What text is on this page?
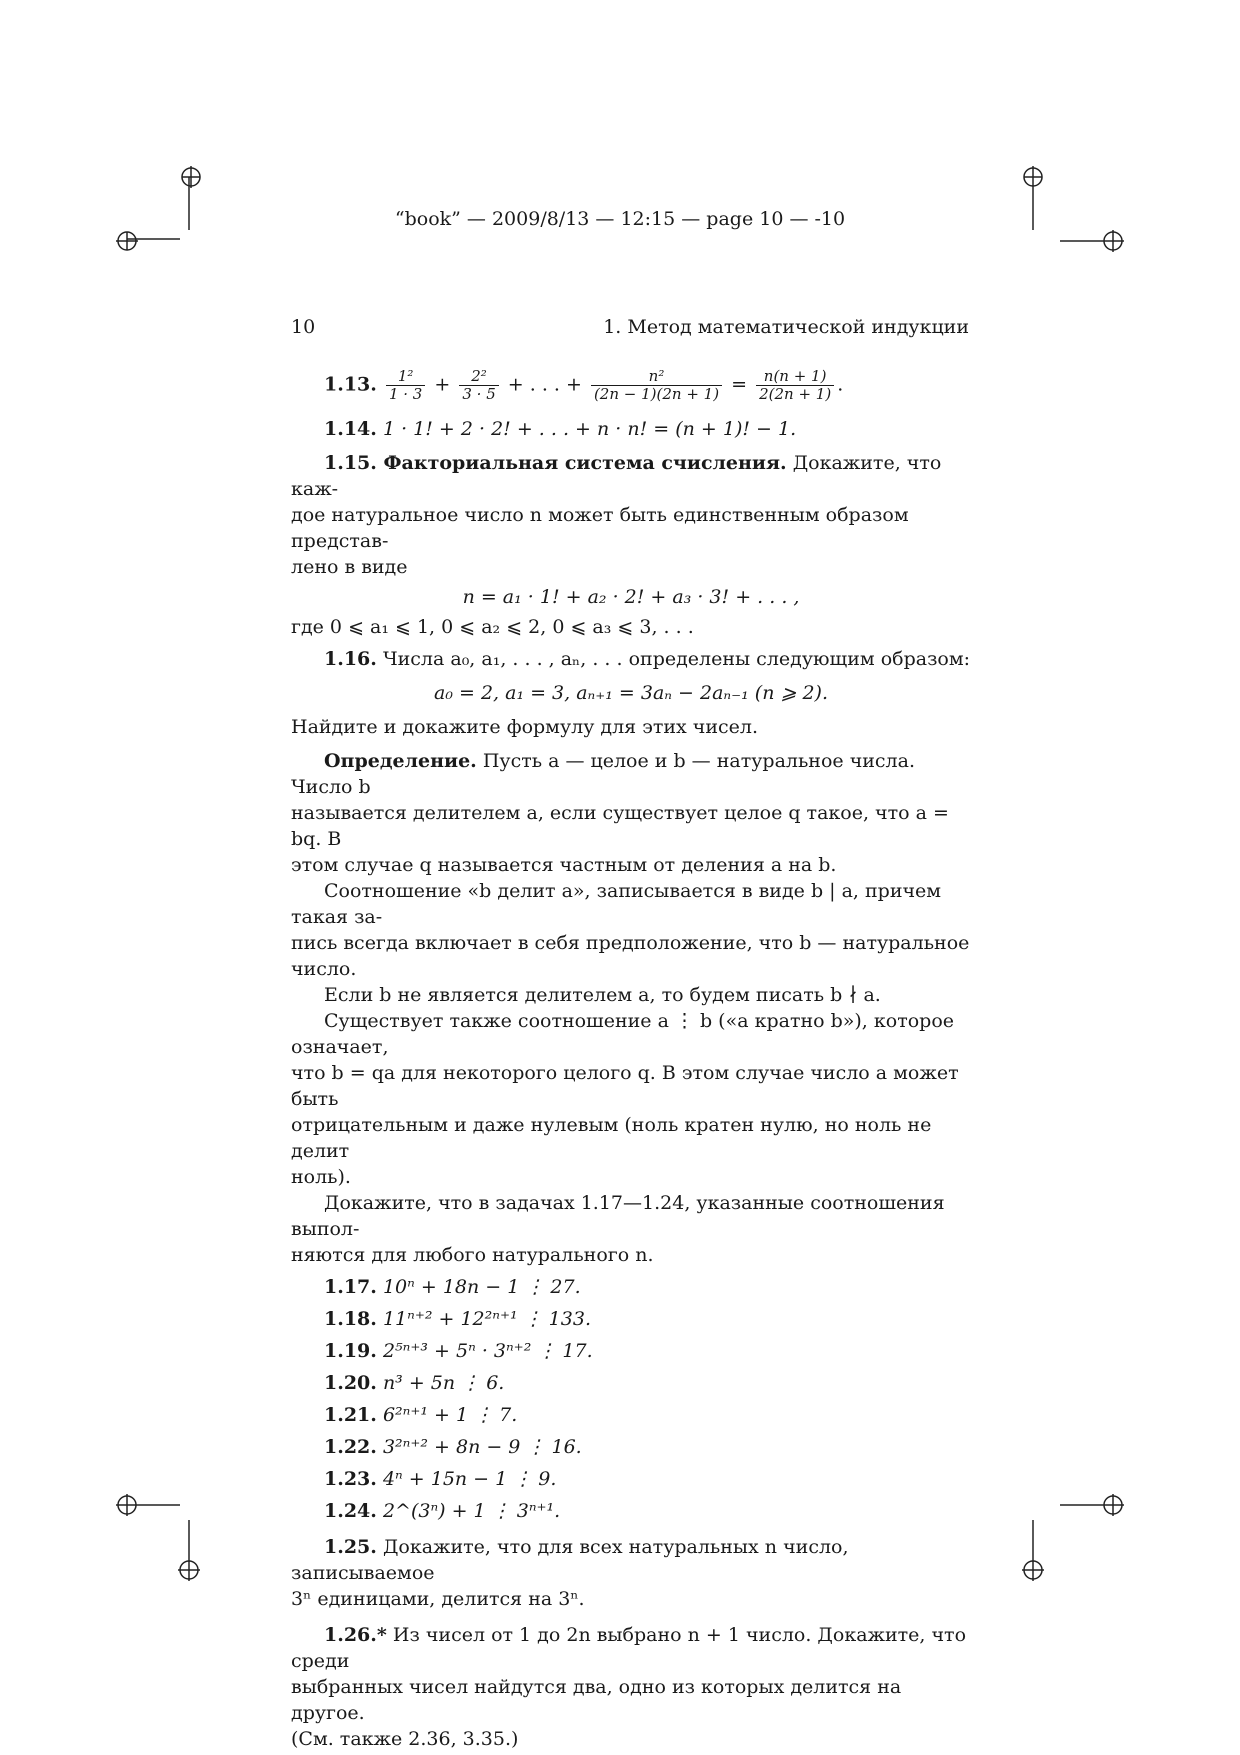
“book” — 2009/8/13 — 12:15 — page 10 — -10
10	1. Метод математической индукции
1.13. $\frac{\text{1²}}{1 \cdot 3} + \frac{\text{2²}}{3 \cdot 5}$ + . . . + $\frac{\text{n²}}{(2n - 1)(2n + 1)} = \frac{n(n + 1)}{2(2n + 1)}$ .
1.14. 1 · 1! + 2 · 2! + . . . + n · n! = (n + 1)! − 1.
1.15. Факториальная система счисления. Докажите, что каж-
дое натуральное число n может быть единственным образом представ-
лено в виде
n = a₁ · 1! + a₂ · 2! + a₃ · 3! + . . . ,
где 0 ⩽ a₁ ⩽ 1, 0 ⩽ a₂ ⩽ 2, 0 ⩽ a₃ ⩽ 3, . . .
1.16. Числа a₀, a₁, . . . , aₙ, . . . определены следующим образом:
a₀ = 2, a₁ = 3, aₙ₊₁ = 3aₙ − 2aₙ₋₁ (n ⩾ 2).
Найдите и докажите формулу для этих чисел.
Определение. Пусть a — целое и b — натуральное числа. Число b
называется делителем a, если существует целое q такое, что a = bq. В
этом случае q называется частным от деления a на b.
Соотношение «b делит a», записывается в виде b | a, причем такая за-
пись всегда включает в себя предположение, что b — натуральное число.
Если b не является делителем a, то будем писать b ∤ a.
Существует также соотношение a ⋮ b («a кратно b»), которое означает,
что b = qa для некоторого целого q. В этом случае число a может быть
отрицательным и даже нулевым (ноль кратен нулю, но ноль не делит
ноль).
Докажите, что в задачах 1.17—1.24, указанные соотношения выпол-
няются для любого натурального n.
1.17. 10ⁿ + 18n − 1 ⋮ 27.
1.18. 11ⁿ⁺² + 12²ⁿ⁺¹ ⋮ 133.
1.19. 2⁵ⁿ⁺³ + 5ⁿ · 3ⁿ⁺² ⋮ 17.
1.20. n³ + 5n ⋮ 6.
1.21. 6²ⁿ⁺¹ + 1 ⋮ 7.
1.22. 3²ⁿ⁺² + 8n − 9 ⋮ 16.
1.23. 4ⁿ + 15n − 1 ⋮ 9.
1.24. 2^(3ⁿ) + 1 ⋮ 3ⁿ⁺¹.
1.25. Докажите, что для всех натуральных n число, записываемое
3ⁿ единицами, делится на 3ⁿ.
1.26.* Из чисел от 1 до 2n выбрано n + 1 число. Докажите, что среди
выбранных чисел найдутся два, одно из которых делится на другое.
(См. также 2.36, 3.35.)
